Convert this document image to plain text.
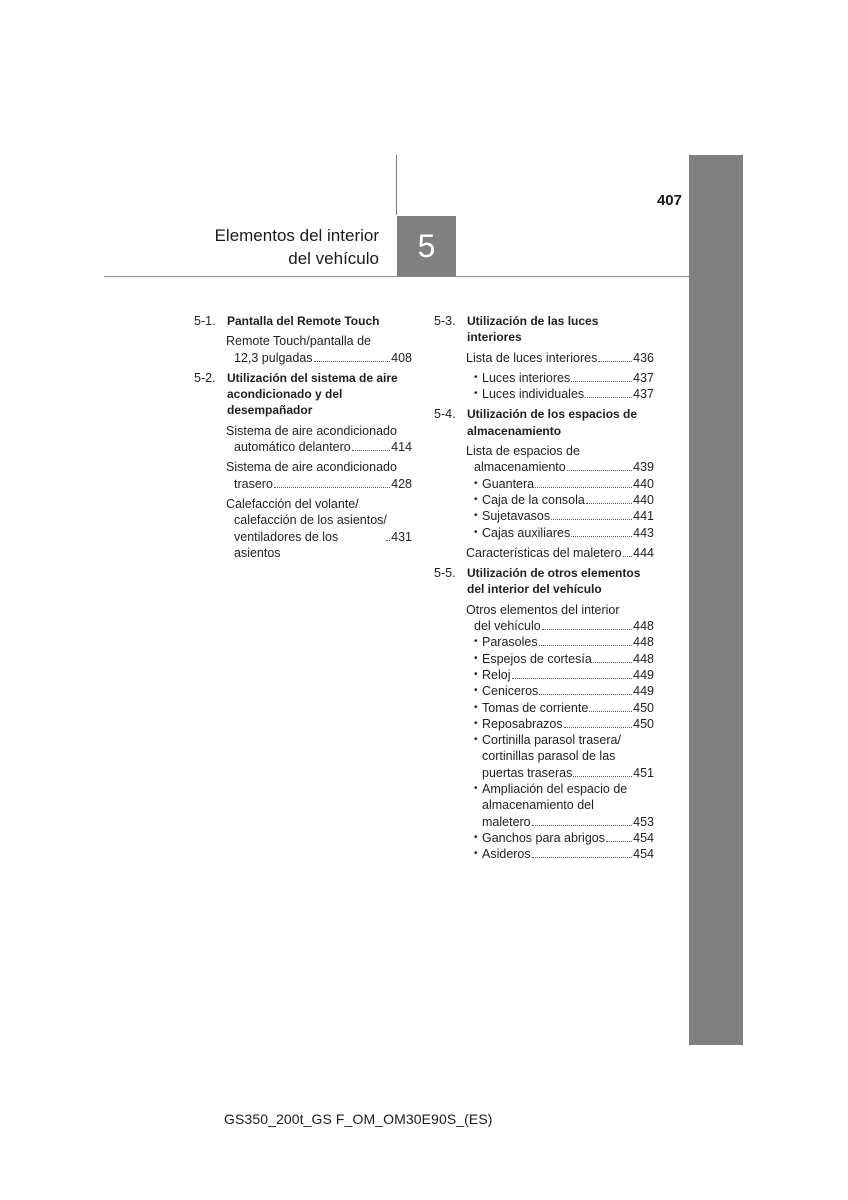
407
Elementos del interior
del vehículo	5
5-1. Pantalla del Remote Touch
Remote Touch/pantalla de
12,3 pulgadas	408
5-2. Utilización del sistema de aire acondicionado y del desempañador
Sistema de aire acondicionado
automático delantero	414
Sistema de aire acondicionado
trasero	428
Calefacción del volante/
calefacción de los asientos/
ventiladores de los asientos
431
5-3. Utilización de las luces interiores
Lista de luces interiores	436
• Luces interiores	437
• Luces individuales	437
5-4. Utilización de los espacios de almacenamiento
Lista de espacios de
almacenamiento	439
• Guantera	440
• Caja de la consola	440
• Sujetavasos	441
• Cajas auxiliares	443
Características del maletero 444
5-5. Utilización de otros elementos del interior del vehículo
Otros elementos del interior
del vehículo	448
• Parasoles	448
• Espejos de cortesía	448
• Reloj	449
• Ceniceros	449
• Tomas de corriente	450
• Reposabrazos	450
• Cortinilla parasol trasera/
cortinillas parasol de las
puertas traseras	451
• Ampliación del espacio de
almacenamiento del
maletero	453
• Ganchos para abrigos 454
• Asideros	454
GS350_200t_GS F_OM_OM30E90S_(ES)
